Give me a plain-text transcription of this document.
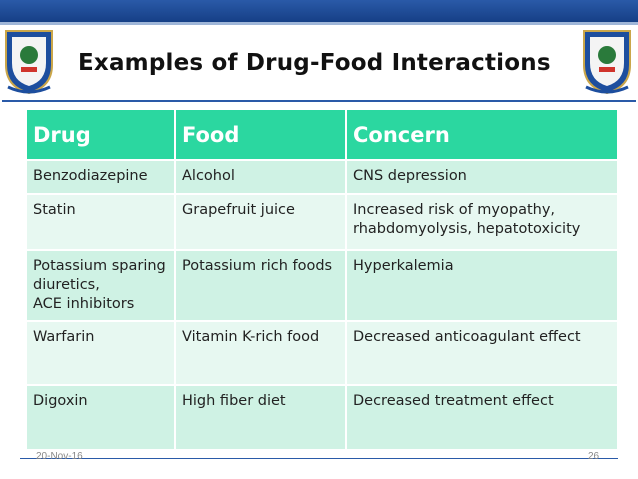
Examples of Drug-Food Interactions
Drug	Food	Concern
Benzodiazepine	Alcohol	CNS depression
Statin	Grapefruit juice	Increased risk of myopathy, rhabdomyolysis, hepatotoxicity
Potassium sparing diuretics,
ACE inhibitors	Potassium rich foods	Hyperkalemia
Warfarin	Vitamin K-rich food	Decreased anticoagulant effect
Digoxin	High fiber diet	Decreased treatment effect
20-Nov-16	26
